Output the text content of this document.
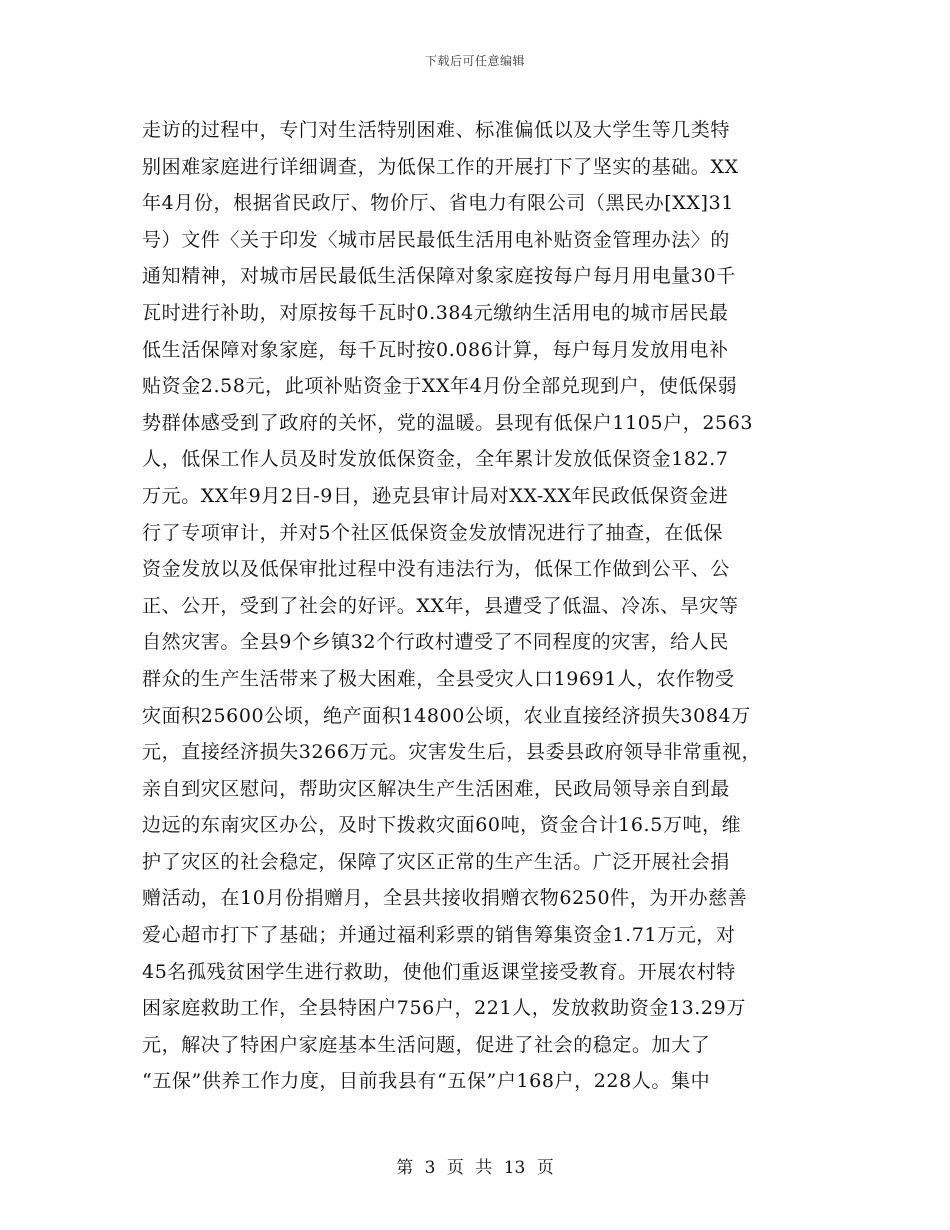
下载后可任意编辑
走访的过程中，专门对生活特别困难、标准偏低以及大学生等几类特
别困难家庭进行详细调查，为低保工作的开展打下了坚实的基础。XX
年4月份，根据省民政厅、物价厅、省电力有限公司（黑民办[XX]31
号）文件〈关于印发〈城市居民最低生活用电补贴资金管理办法〉的
通知精神，对城市居民最低生活保障对象家庭按每户每月用电量30千
瓦时进行补助，对原按每千瓦时0.384元缴纳生活用电的城市居民最
低生活保障对象家庭，每千瓦时按0.086计算，每户每月发放用电补
贴资金2.58元，此项补贴资金于XX年4月份全部兑现到户，使低保弱
势群体感受到了政府的关怀，党的温暖。县现有低保户1105户，2563
人，低保工作人员及时发放低保资金，全年累计发放低保资金182.7
万元。XX年9月2日-9日，逊克县审计局对XX-XX年民政低保资金进
行了专项审计，并对5个社区低保资金发放情况进行了抽查，在低保
资金发放以及低保审批过程中没有违法行为，低保工作做到公平、公
正、公开，受到了社会的好评。XX年，县遭受了低温、冷冻、旱灾等
自然灾害。全县9个乡镇32个行政村遭受了不同程度的灾害，给人民
群众的生产生活带来了极大困难，全县受灾人口19691人，农作物受
灾面积25600公顷，绝产面积14800公顷，农业直接经济损失3084万
元，直接经济损失3266万元。灾害发生后，县委县政府领导非常重视，
亲自到灾区慰问，帮助灾区解决生产生活困难，民政局领导亲自到最
边远的东南灾区办公，及时下拨救灾面60吨，资金合计16.5万吨，维
护了灾区的社会稳定，保障了灾区正常的生产生活。广泛开展社会捐
赠活动，在10月份捐赠月，全县共接收捐赠衣物6250件，为开办慈善
爱心超市打下了基础；并通过福利彩票的销售筹集资金1.71万元，对
45名孤残贫困学生进行救助，使他们重返课堂接受教育。开展农村特
困家庭救助工作，全县特困户756户，221人，发放救助资金13.29万
元，解决了特困户家庭基本生活问题，促进了社会的稳定。加大了
“五保”供养工作力度，目前我县有“五保”户168户，228人。集中
第 3 页 共 13 页
